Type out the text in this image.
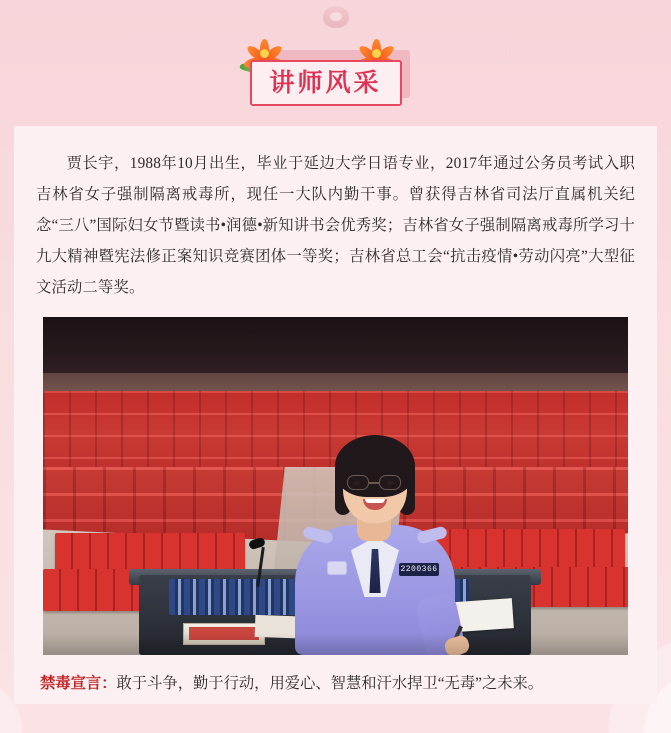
讲师风采

贾长宇，1988年10月出生，毕业于延边大学日语专业，2017年通过公务员考试入职吉林省女子强制隔离戒毒所，现任一大队内勤干事。曾获得吉林省司法厅直属机关纪念“三八”国际妇女节暨读书•润德•新知讲书会优秀奖；吉林省女子强制隔离戒毒所学习十九大精神暨宪法修正案知识竞赛团体一等奖；吉林省总工会“抗击疫情•劳动闪亮”大型征文活动二等奖。

2200366

禁毒宣言：敢于斗争，勤于行动，用爱心、智慧和汗水捍卫“无毒”之未来。
